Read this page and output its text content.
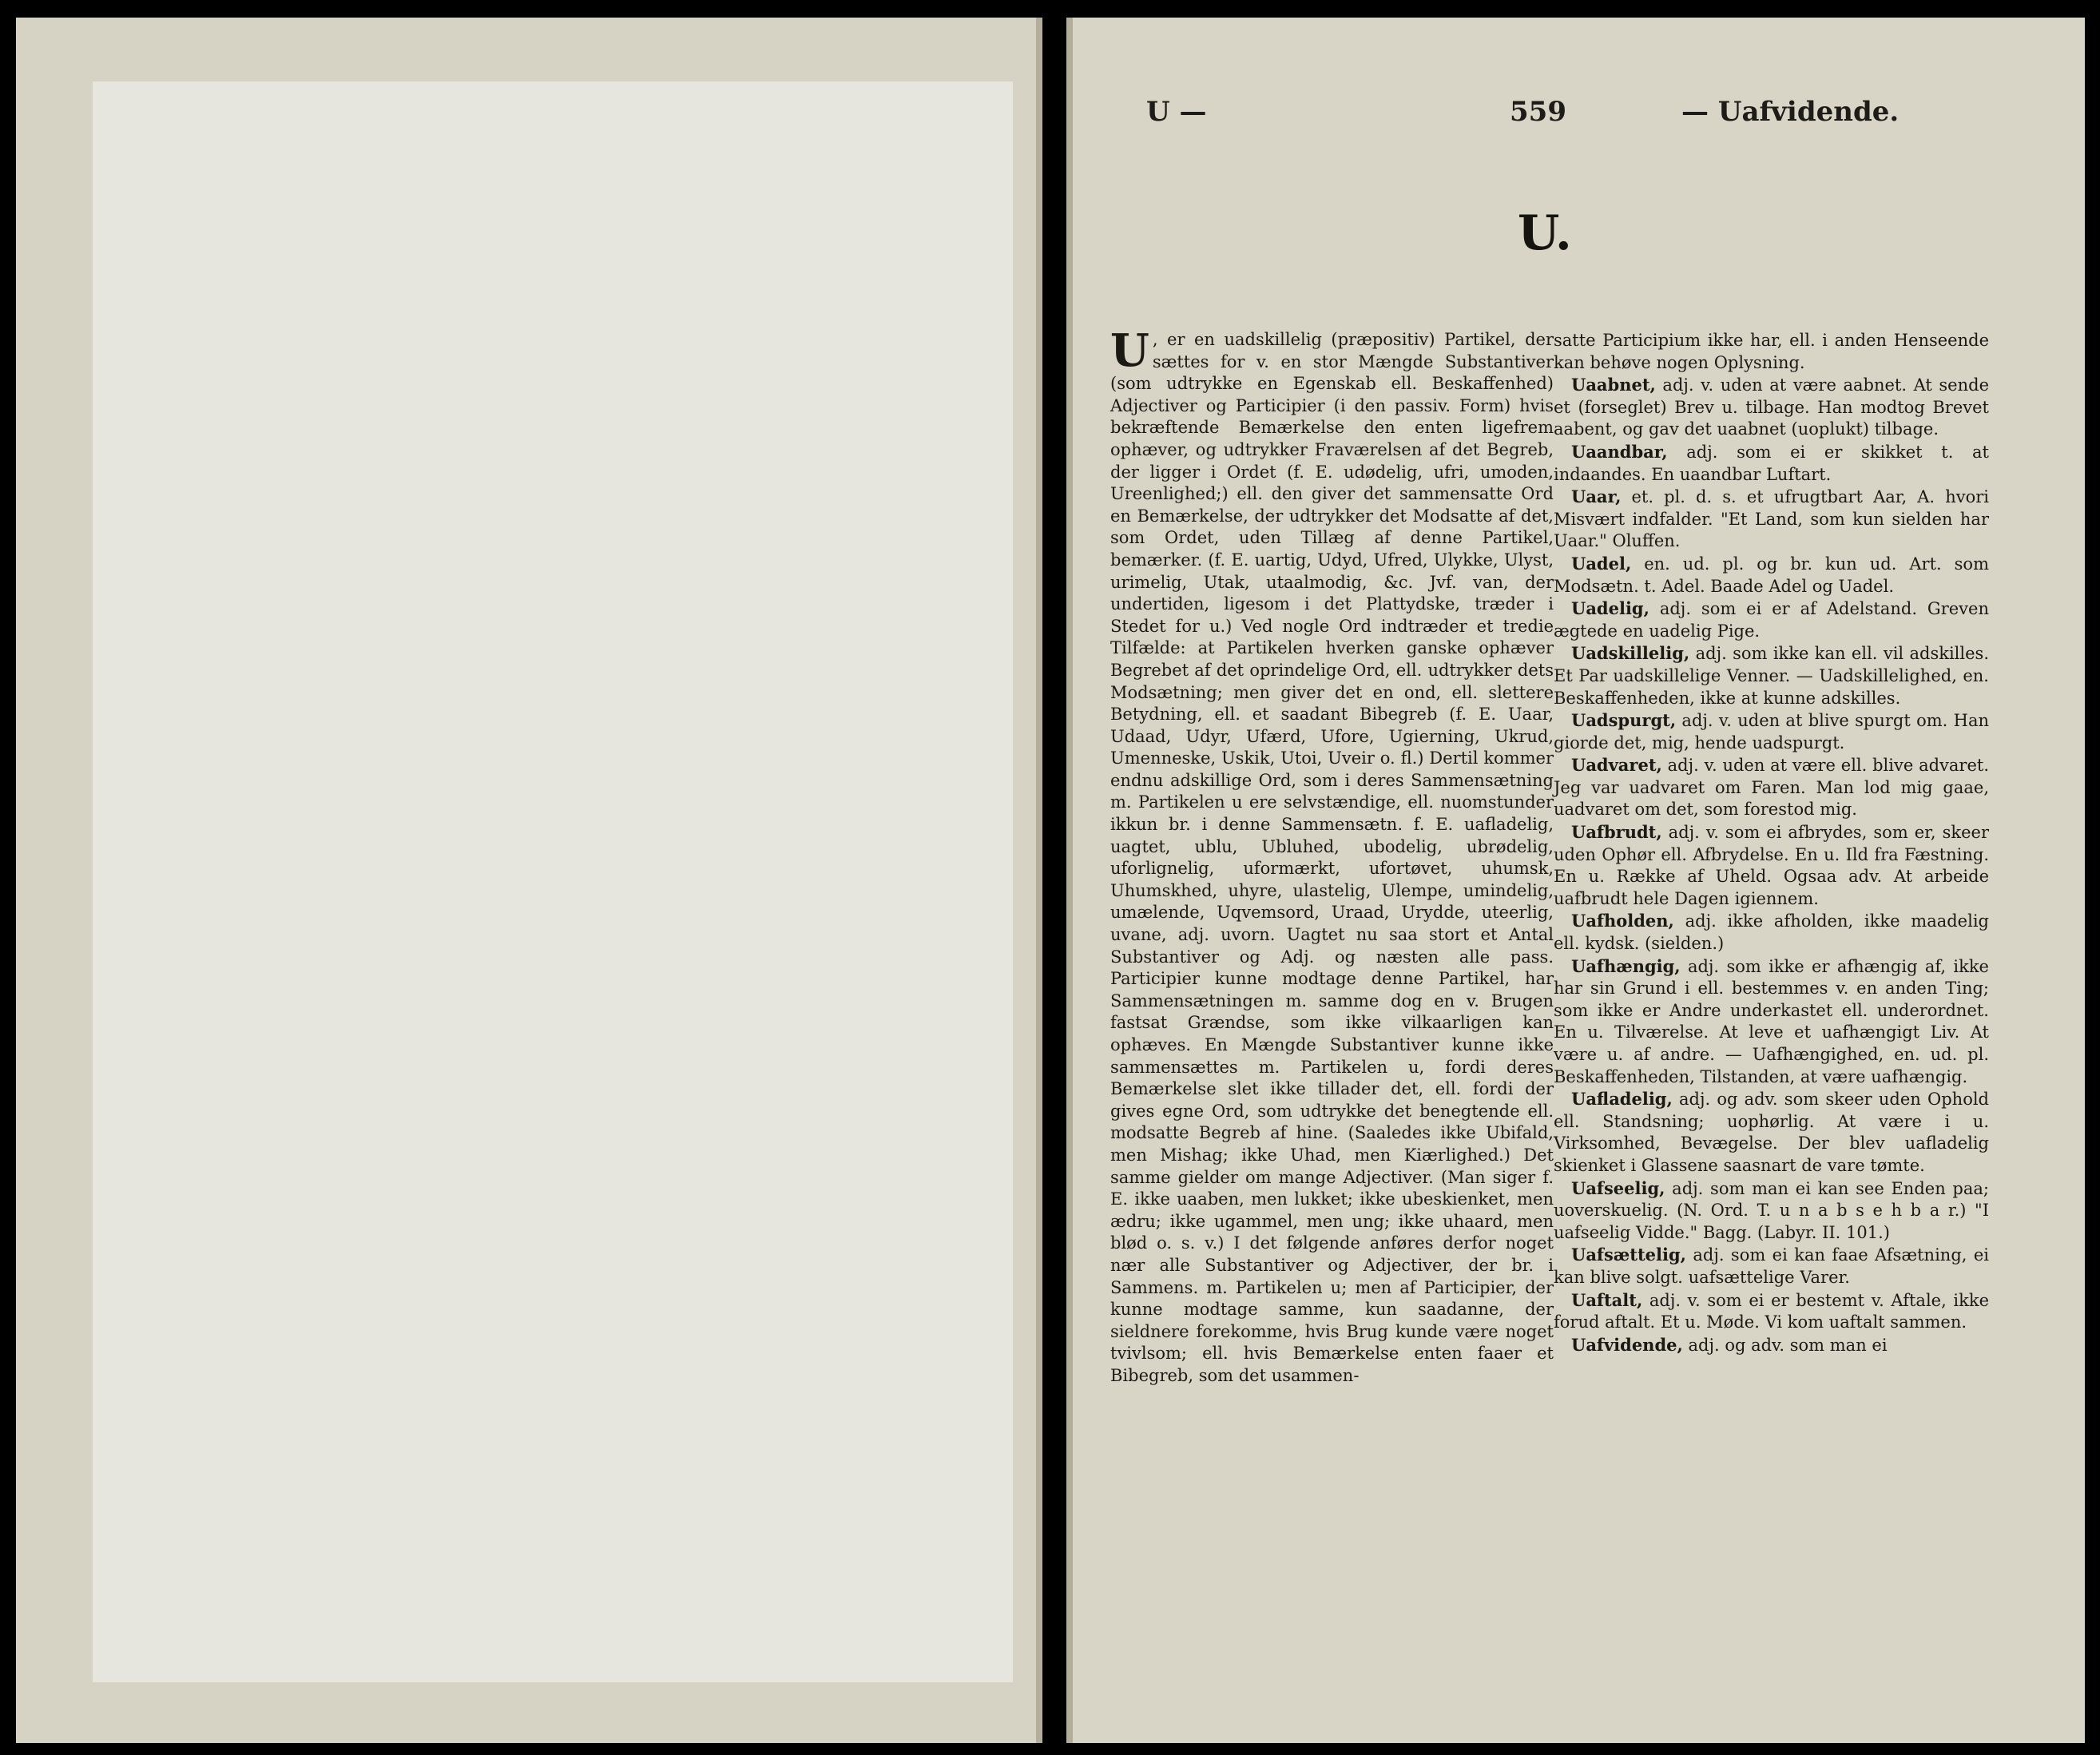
U —	559	— Uafvidende.
U.

U , er en uadskillelig (præpositiv) Partikel, der sættes for v. en stor Mængde Substantiver (som udtrykke en Egenskab ell. Beskaffenhed) Adjectiver og Participier (i den passiv. Form) hvis bekræftende Bemærkelse den enten ligefrem ophæver, og udtrykker Fraværelsen af det Begreb, der ligger i Ordet (f. E. udødelig, ufri, umoden, Ureenlighed;) ell. den giver det sammensatte Ord en Bemærkelse, der udtrykker det Modsatte af det, som Ordet, uden Tillæg af denne Partikel, bemærker. (f. E. uartig, Udyd, Ufred, Ulykke, Ulyst, urimelig, Utak, utaalmodig, &c. Jvf. van, der undertiden, ligesom i det Plattydske, træder i Stedet for u.) Ved nogle Ord indtræder et tredie Tilfælde: at Partikelen hverken ganske ophæver Begrebet af det oprindelige Ord, ell. udtrykker dets Modsætning; men giver det en ond, ell. slettere Betydning, ell. et saadant Bibegreb (f. E. Uaar, Udaad, Udyr, Ufærd, Ufore, Ugierning, Ukrud, Umenneske, Uskik, Utoi, Uveir o. fl.) Dertil kommer endnu adskillige Ord, som i deres Sammensætning m. Partikelen u ere selvstændige, ell. nuomstunder ikkun br. i denne Sammensætn. f. E. uafladelig, uagtet, ublu, Ubluhed, ubodelig, ubrødelig, uforlignelig, uformærkt, ufortøvet, uhumsk, Uhumskhed, uhyre, ulastelig, Ulempe, umindelig, umælende, Uqvemsord, Uraad, Urydde, uteerlig, uvane, adj. uvorn. Uagtet nu saa stort et Antal Substantiver og Adj. og næsten alle pass. Participier kunne modtage denne Partikel, har Sammensætningen m. samme dog en v. Brugen fastsat Grændse, som ikke vilkaarligen kan ophæves. En Mængde Substantiver kunne ikke sammensættes m. Partikelen u, fordi deres Bemærkelse slet ikke tillader det, ell. fordi der gives egne Ord, som udtrykke det benegtende ell. modsatte Begreb af hine. (Saaledes ikke Ubifald, men Mishag; ikke Uhad, men Kiærlighed.) Det samme gielder om mange Adjectiver. (Man siger f. E. ikke uaaben, men lukket; ikke ubeskienket, men ædru; ikke ugammel, men ung; ikke uhaard, men blød o. s. v.) I det følgende anføres derfor noget nær alle Substantiver og Adjectiver, der br. i Sammens. m. Partikelen u; men af Participier, der kunne modtage samme, kun saadanne, der sieldnere forekomme, hvis Brug kunde være noget tvivlsom; ell. hvis Bemærkelse enten faaer et Bibegreb, som det usammen-

satte Participium ikke har, ell. i anden Henseende kan behøve nogen Oplysning.

Uaabnet, adj. v. uden at være aabnet. At sende et (forseglet) Brev u. tilbage. Han modtog Brevet aabent, og gav det uaabnet (uoplukt) tilbage.

Uaandbar, adj. som ei er skikket t. at indaandes. En uaandbar Luftart.

Uaar, et. pl. d. s. et ufrugtbart Aar, A. hvori Misvært indfalder. "Et Land, som kun sielden har Uaar." Oluffen.

Uadel, en. ud. pl. og br. kun ud. Art. som Modsætn. t. Adel. Baade Adel og Uadel.

Uadelig, adj. som ei er af Adelstand. Greven ægtede en uadelig Pige.

Uadskillelig, adj. som ikke kan ell. vil adskilles. Et Par uadskillelige Venner. — Uadskillelighed, en. Beskaffenheden, ikke at kunne adskilles.

Uadspurgt, adj. v. uden at blive spurgt om. Han giorde det, mig, hende uadspurgt.

Uadvaret, adj. v. uden at være ell. blive advaret. Jeg var uadvaret om Faren. Man lod mig gaae, uadvaret om det, som forestod mig.

Uafbrudt, adj. v. som ei afbrydes, som er, skeer uden Ophør ell. Afbrydelse. En u. Ild fra Fæstning. En u. Række af Uheld. Ogsaa adv. At arbeide uafbrudt hele Dagen igiennem.

Uafholden, adj. ikke afholden, ikke maadelig ell. kydsk. (sielden.)

Uafhængig, adj. som ikke er afhængig af, ikke har sin Grund i ell. bestemmes v. en anden Ting; som ikke er Andre underkastet ell. underordnet. En u. Tilværelse. At leve et uafhængigt Liv. At være u. af andre. — Uafhængighed, en. ud. pl. Beskaffenheden, Tilstanden, at være uafhængig.

Uafladelig, adj. og adv. som skeer uden Ophold ell. Standsning; uophørlig. At være i u. Virksomhed, Bevægelse. Der blev uafladelig skienket i Glassene saasnart de vare tømte.

Uafseelig, adj. som man ei kan see Enden paa; uoverskuelig. (N. Ord. T. u n a b s e h b a r.) "I uafseelig Vidde." Bagg. (Labyr. II. 101.)

Uafsættelig, adj. som ei kan faae Afsætning, ei kan blive solgt. uafsættelige Varer.

Uaftalt, adj. v. som ei er bestemt v. Aftale, ikke forud aftalt. Et u. Møde. Vi kom uaftalt sammen.

Uafvidende, adj. og adv. som man ei
